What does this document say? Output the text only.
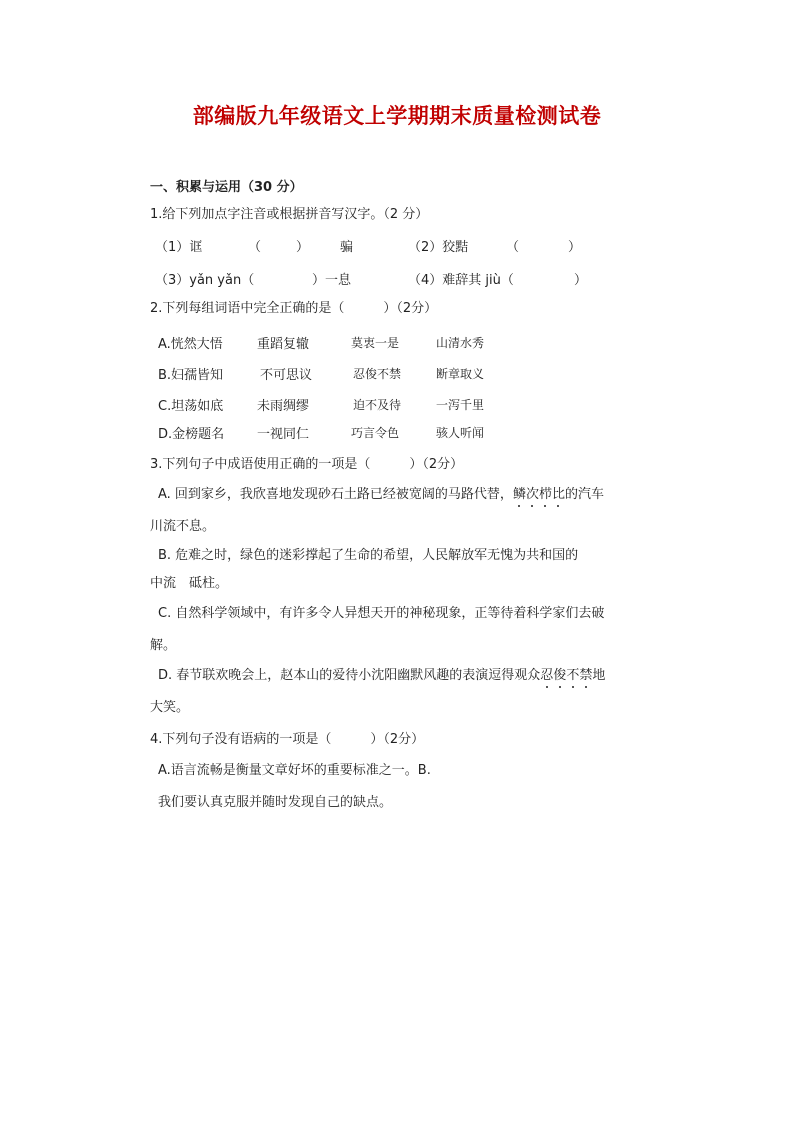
部编版九年级语文上学期期末质量检测试卷
一、积累与运用（30 分）
1.给下列加点字注音或根据拼音写汉字。（2 分）
（1）诓	（	） 骗	（2）狡黠	（	）
（3）yǎn yǎn（	）一息	（4）难辞其 jiù（	）
2.下列每组词语中完全正确的是（　　　）（2分）
A.恍然大悟	重蹈复辙	莫衷一是	山清水秀
B.妇孺皆知	不可思议	忍俊不禁	断章取义
C.坦荡如底	未雨绸缪	迫不及待	一泻千里
D.金榜题名	一视同仁	巧言令色	骇人听闻
3.下列句子中成语使用正确的一项是（　　　）（2分）
A. 回到家乡，我欣喜地发现砂石土路已经被宽阔的马路代替，鳞次栉比的汽车
川流不息。
B. 危难之时，绿色的迷彩撑起了生命的希望，人民解放军无愧为共和国的
中流　砥柱。
C. 自然科学领域中，有许多令人异想天开的神秘现象，正等待着科学家们去破
解。
D. 春节联欢晚会上，赵本山的爱待小沈阳幽默风趣的表演逗得观众忍俊不禁地
大笑。
4.下列句子没有语病的一项是（　　　）（2分）
A.语言流畅是衡量文章好坏的重要标准之一。B.
我们要认真克服并随时发现自己的缺点。
